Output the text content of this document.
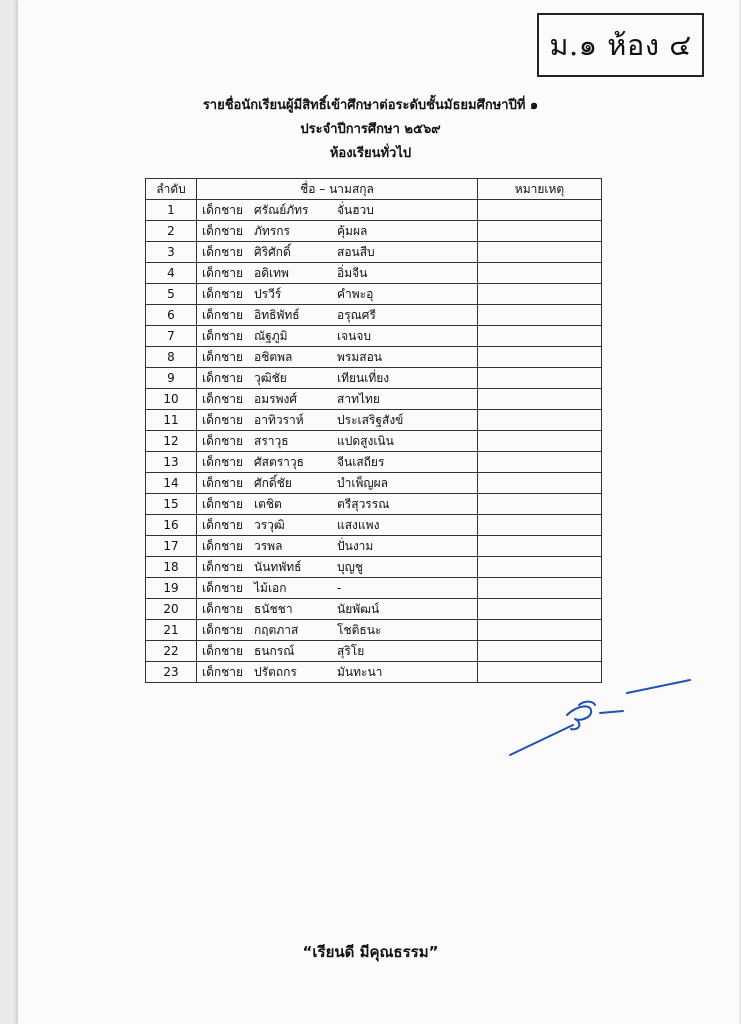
ม.๑ ห้อง ๔
รายชื่อนักเรียนผู้มีสิทธิ์เข้าศึกษาต่อระดับชั้นมัธยมศึกษาปีที่ ๑
ประจำปีการศึกษา ๒๕๖๙
ห้องเรียนทั่วไป
ลำดับ	ชื่อ – นามสกุล	หมายเหตุ
1	เด็กชาย ศรัณย์ภัทร จั่นฮวบ	
2	เด็กชาย ภัทรกร คุ้มผล	
3	เด็กชาย ศิริศักดิ์ สอนสืบ	
4	เด็กชาย อดิเทพ อิ่มจีน	
5	เด็กชาย ปรวีร์ คำพะอุ	
6	เด็กชาย อิทธิพัทธ์ อรุณศรี	
7	เด็กชาย ณัฐภูมิ เจนจบ	
8	เด็กชาย อชิตพล พรมสอน	
9	เด็กชาย วุฒิชัย เทียนเที่ยง	
10	เด็กชาย อมรพงศ์ สาทไทย	
11	เด็กชาย อาทิวราห์ ประเสริฐสังข์	
12	เด็กชาย สราวุธ แปดสูงเนิน	
13	เด็กชาย ศัสตราวุธ จีนเสถียร	
14	เด็กชาย ศักดิ์ชัย บำเพ็ญผล	
15	เด็กชาย เตชิต ตรีสุวรรณ	
16	เด็กชาย วรวุฒิ แสงแพง	
17	เด็กชาย วรพล ปั่นงาม	
18	เด็กชาย นันทพัทธ์ บุญชู	
19	เด็กชาย ไม้เอก -	
20	เด็กชาย ธนัชชา นัยพัฒน์	
21	เด็กชาย กฤตภาส โชติธนะ	
22	เด็กชาย ธนกรณ์ สุริโย	
23	เด็กชาย ปรัตถกร มันทะนา	
“เรียนดี มีคุณธรรม”
